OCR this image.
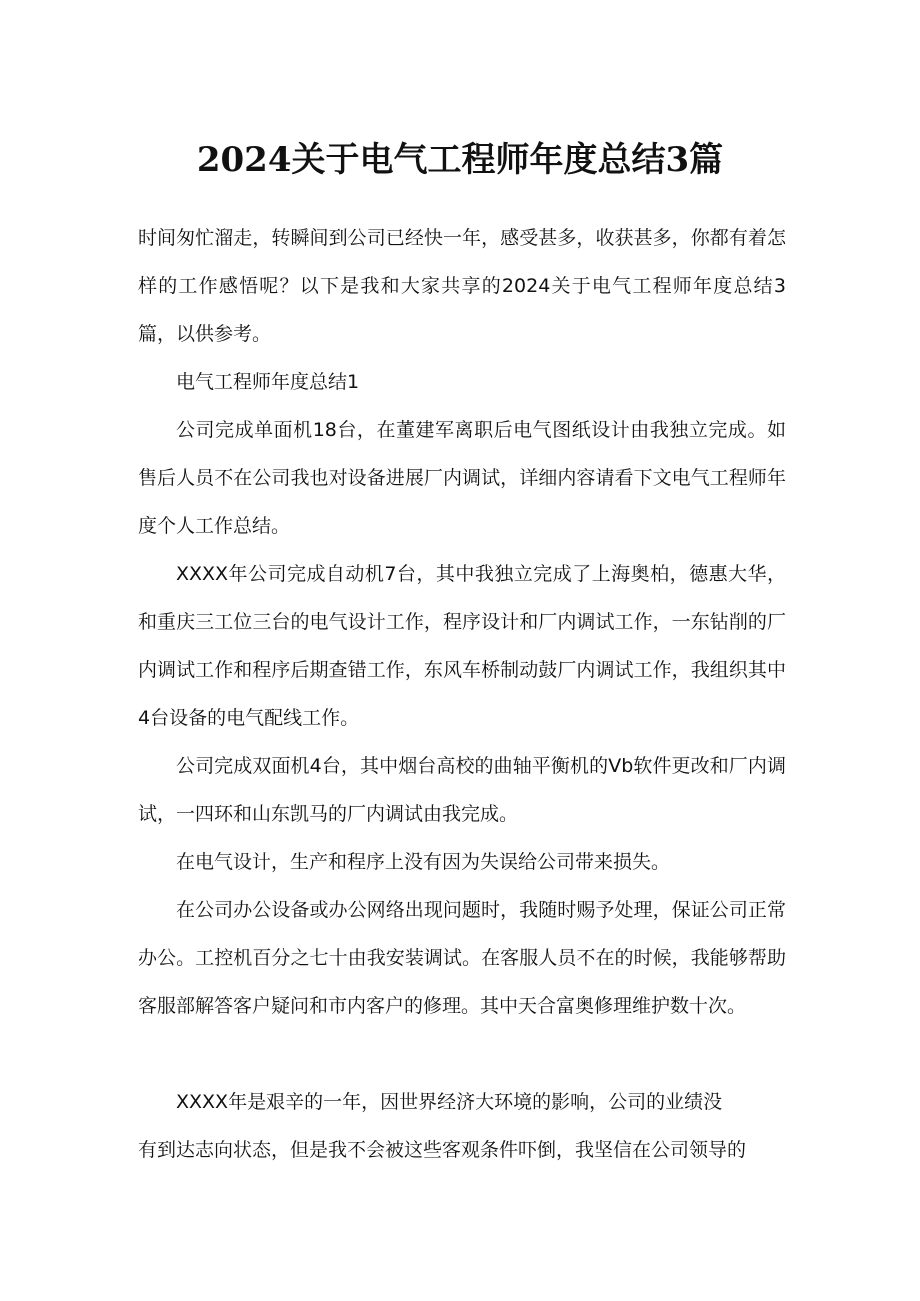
2024关于电气工程师年度总结3篇

时间匆忙溜走，转瞬间到公司已经快一年，感受甚多，收获甚多，你都有着怎样的工作感悟呢？以下是我和大家共享的2024关于电气工程师年度总结3篇，以供参考。

电气工程师年度总结1

公司完成单面机18台，在董建军离职后电气图纸设计由我独立完成。如售后人员不在公司我也对设备进展厂内调试，详细内容请看下文电气工程师年度个人工作总结。

XXXX年公司完成自动机7台，其中我独立完成了上海奥柏，德惠大华，和重庆三工位三台的电气设计工作，程序设计和厂内调试工作，一东钻削的厂内调试工作和程序后期查错工作，东风车桥制动鼓厂内调试工作，我组织其中4台设备的电气配线工作。

公司完成双面机4台，其中烟台高校的曲轴平衡机的Vb软件更改和厂内调试，一四环和山东凯马的厂内调试由我完成。

在电气设计，生产和程序上没有因为失误给公司带来损失。

在公司办公设备或办公网络出现问题时，我随时赐予处理，保证公司正常办公。工控机百分之七十由我安装调试。在客服人员不在的时候，我能够帮助客服部解答客户疑问和市内客户的修理。其中天合富奥修理维护数十次。

XXXX年是艰辛的一年，因世界经济大环境的影响，公司的业绩没

有到达志向状态，但是我不会被这些客观条件吓倒，我坚信在公司领导的
